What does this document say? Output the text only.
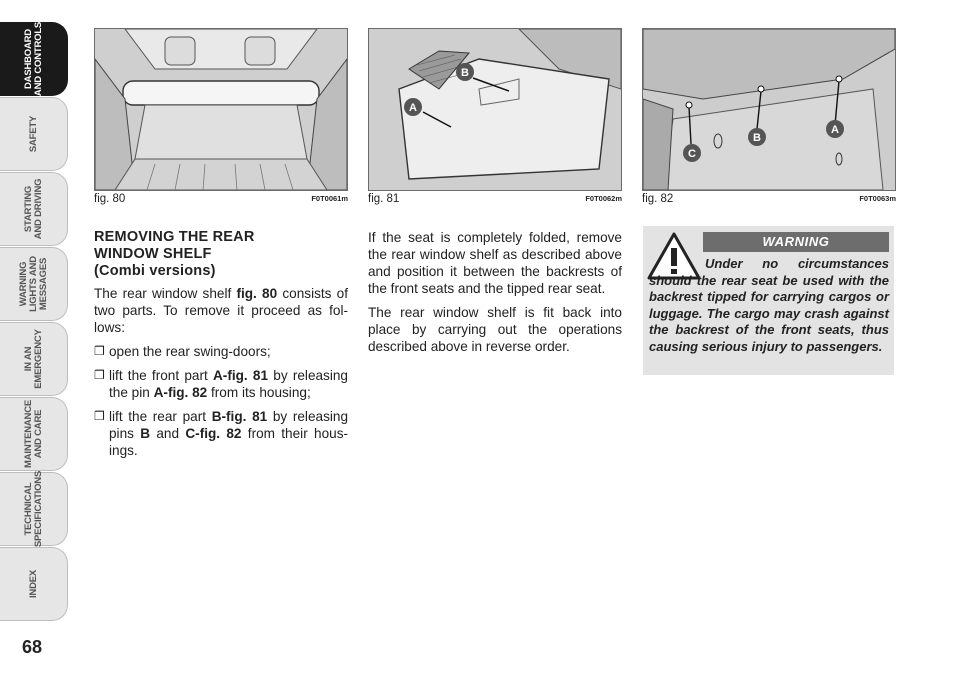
DASHBOARD
AND CONTROLS
SAFETY
STARTING
AND DRIVING
WARNING
LIGHTS AND
MESSAGES
IN AN
EMERGENCY
MAINTENANCE
AND CARE
TECHNICAL
SPECIFICATIONS
INDEX
68
fig. 80	F0T0061m
A
B
fig. 81	F0T0062m
C
B
A
fig. 82	F0T0063m
REMOVING THE REAR
WINDOW SHELF
(Combi versions)

The rear window shelf fig. 80 consists of two parts. To remove it proceed as fol-lows:

❒ open the rear swing-doors;
❒ lift the front part A-fig. 81 by releasing the pin A-fig. 82 from its housing;
❒ lift the rear part B-fig. 81 by releasing pins B and C-fig. 82 from their hous-ings.

If the seat is completely folded, remove the rear window shelf as described above and position it between the backrests of the front seats and the tipped rear seat.

The rear window shelf is fit back into place by carrying out the operations described above in reverse order.

WARNING
Under no circumstances should the rear seat be used with the backrest tipped for carrying cargos or luggage. The cargo may crash against the backrest of the front seats, thus causing serious injury to passengers.
